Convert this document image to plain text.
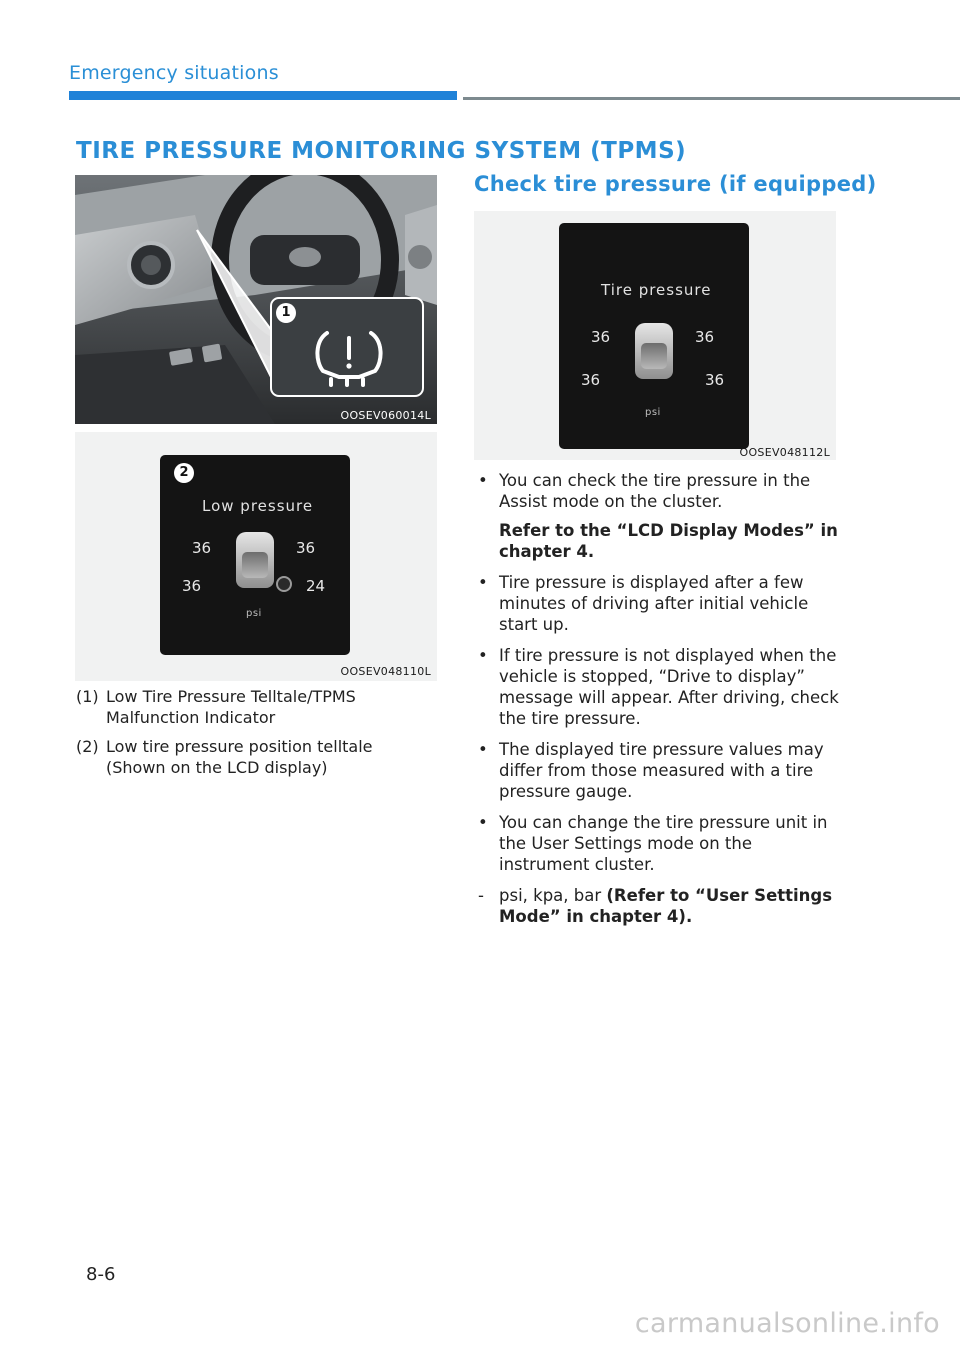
Emergency situations
TIRE PRESSURE MONITORING SYSTEM (TPMS)
1
OOSEV060014L
2
Low pressure
36	36
36	24
psi
OOSEV048110L
(1) Low Tire Pressure Telltale/TPMS Malfunction Indicator
(2) Low tire pressure position telltale (Shown on the LCD display)
Check tire pressure (if equipped)
Tire pressure
36	36
36	36
psi
OOSEV048112L
• You can check the tire pressure in the Assist mode on the cluster.
Refer to the “LCD Display Modes” in chapter 4.
• Tire pressure is displayed after a few minutes of driving after initial vehicle start up.
• If tire pressure is not displayed when the vehicle is stopped, “Drive to display” message will appear. After driving, check the tire pressure.
• The displayed tire pressure values may differ from those measured with a tire pressure gauge.
• You can change the tire pressure unit in the User Settings mode on the instrument cluster.
- psi, kpa, bar (Refer to “User Settings Mode” in chapter 4).
8-6
carmanualsonline.info
